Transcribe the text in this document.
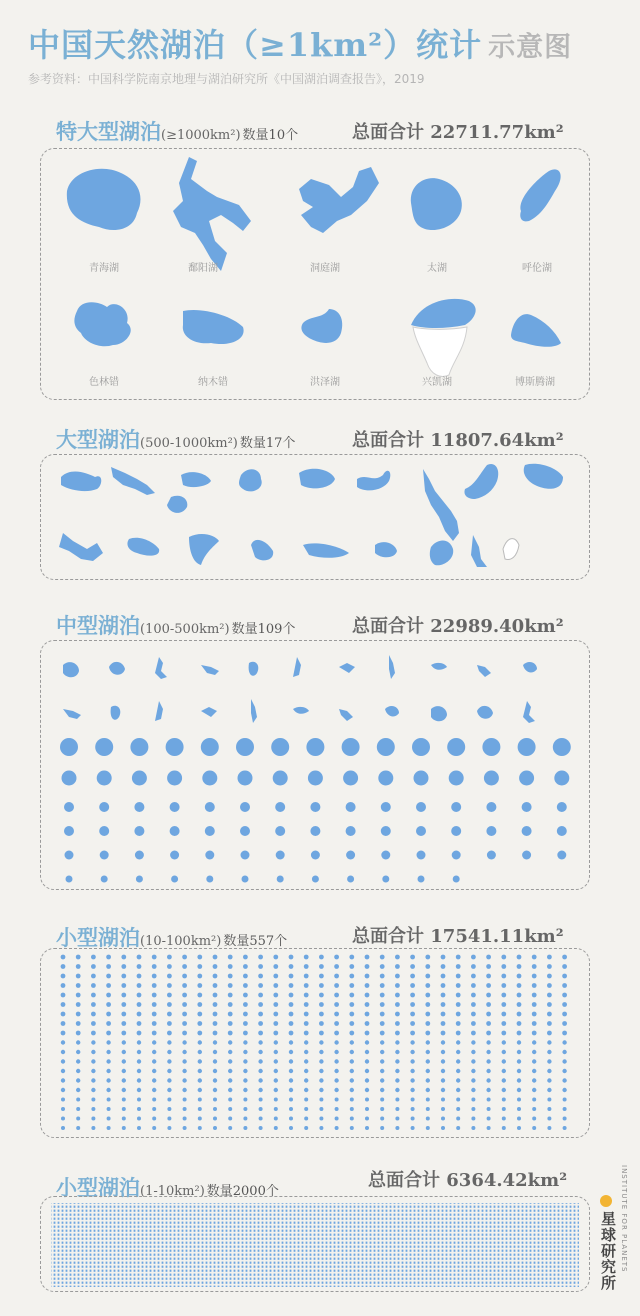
中国天然湖泊（≥1km²）统计 示意图
参考资料：中国科学院南京地理与湖泊研究所《中国湖泊调查报告》，2019
特大型湖泊(≥1000km²) 数量10个	总面合计 22711.77km²
青海湖	鄱阳湖	洞庭湖	太湖	呼伦湖
色林错	纳木错	洪泽湖	兴凯湖	博斯腾湖
大型湖泊(500-1000km²) 数量17个	总面合计 11807.64km²
中型湖泊(100-500km²) 数量109个	总面合计 22989.40km²
小型湖泊(10-100km²) 数量557个	总面合计 17541.11km²
小型湖泊(1-10km²) 数量2000个
总面合计 6364.42km²	INSTITUTE FOR PLANETS
星球研究所
